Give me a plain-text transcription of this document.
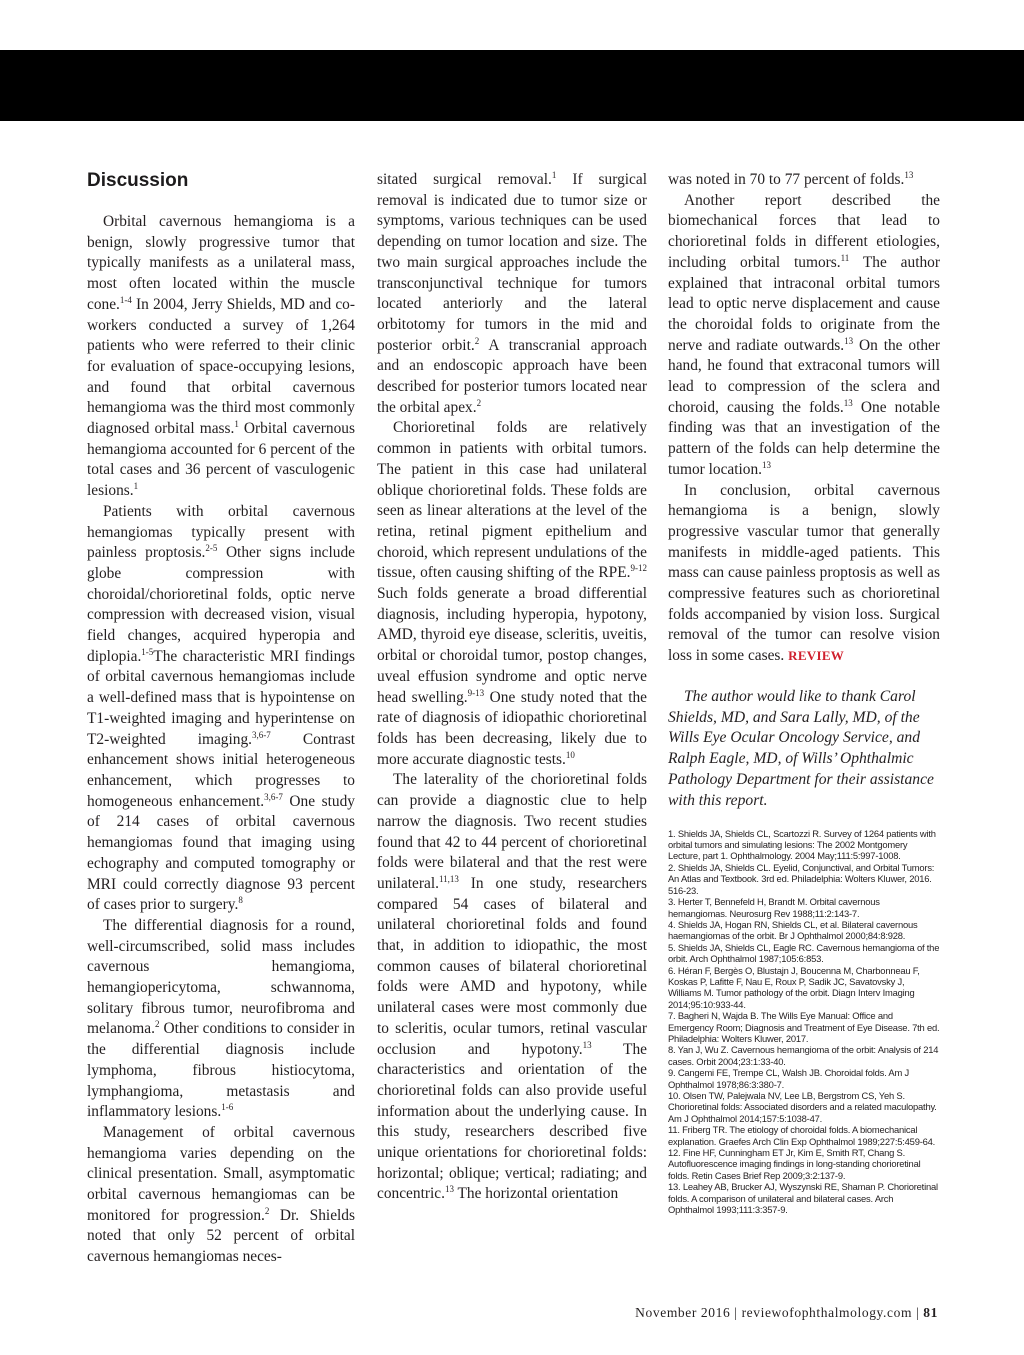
Discussion

Orbital cavernous hemangioma is a benign, slowly progressive tumor that typically manifests as a unilateral mass, most often located within the muscle cone.$^{1-4}$ In 2004, Jerry Shields, MD and co-workers conducted a survey of 1,264 patients who were referred to their clinic for evaluation of space-occupying lesions, and found that orbital cavernous hemangioma was the third most commonly diagnosed orbital mass.$^1$ Orbital cavernous hemangioma accounted for 6 percent of the total cases and 36 percent of vasculogenic lesions.$^1$

Patients with orbital cavernous hemangiomas typically present with painless proptosis.$^{2-5}$ Other signs include globe compression with choroidal/chorioretinal folds, optic nerve compression with decreased vision, visual field changes, acquired hyperopia and diplopia.$^{1-5}$The characteristic MRI findings of orbital cavernous hemangiomas include a well-defined mass that is hypointense on T1-weighted imaging and hyperintense on T2-weighted imaging.$^{3,6-7}$ Contrast enhancement shows initial heterogeneous enhancement, which progresses to homogeneous enhancement.$^{3,6-7}$ One study of 214 cases of orbital cavernous hemangiomas found that imaging using echography and computed tomography or MRI could correctly diagnose 93 percent of cases prior to surgery.$^8$

The differential diagnosis for a round, well-circumscribed, solid mass includes cavernous hemangioma, hemangiopericytoma, schwannoma, solitary fibrous tumor, neurofibroma and melanoma.$^2$ Other conditions to consider in the differential diagnosis include lymphoma, fibrous histiocytoma, lymphangioma, metastasis and inflammatory lesions.$^{1-6}$

Management of orbital cavernous hemangioma varies depending on the clinical presentation. Small, asymptomatic orbital cavernous hemangiomas can be monitored for progression.$^2$ Dr. Shields noted that only 52 percent of orbital cavernous hemangiomas neces-

sitated surgical removal.$^1$ If surgical removal is indicated due to tumor size or symptoms, various techniques can be used depending on tumor location and size. The two main surgical approaches include the transconjunctival technique for tumors located anteriorly and the lateral orbitotomy for tumors in the mid and posterior orbit.$^2$ A transcranial approach and an endoscopic approach have been described for posterior tumors located near the orbital apex.$^2$

Chorioretinal folds are relatively common in patients with orbital tumors. The patient in this case had unilateral oblique chorioretinal folds. These folds are seen as linear alterations at the level of the retina, retinal pigment epithelium and choroid, which represent undulations of the tissue, often causing shifting of the RPE.$^{9-12}$ Such folds generate a broad differential diagnosis, including hyperopia, hypotony, AMD, thyroid eye disease, scleritis, uveitis, orbital or choroidal tumor, postop changes, uveal effusion syndrome and optic nerve head swelling.$^{9-13}$ One study noted that the rate of diagnosis of idiopathic chorioretinal folds has been decreasing, likely due to more accurate diagnostic tests.$^{10}$

The laterality of the chorioretinal folds can provide a diagnostic clue to help narrow the diagnosis. Two recent studies found that 42 to 44 percent of chorioretinal folds were bilateral and that the rest were unilateral.$^{11,13}$ In one study, researchers compared 54 cases of bilateral and unilateral chorioretinal folds and found that, in addition to idiopathic, the most common causes of bilateral chorioretinal folds were AMD and hypotony, while unilateral cases were most commonly due to scleritis, ocular tumors, retinal vascular occlusion and hypotony.$^{13}$ The characteristics and orientation of the chorioretinal folds can also provide useful information about the underlying cause. In this study, researchers described five unique orientations for chorioretinal folds: horizontal; oblique; vertical; radiating; and concentric.$^{13}$ The horizontal orientation

was noted in 70 to 77 percent of folds.$^{13}$

Another report described the biomechanical forces that lead to chorioretinal folds in different etiologies, including orbital tumors.$^{11}$ The author explained that intraconal orbital tumors lead to optic nerve displacement and cause the choroidal folds to originate from the nerve and radiate outwards.$^{13}$ On the other hand, he found that extraconal tumors will lead to compression of the sclera and choroid, causing the folds.$^{13}$ One notable finding was that an investigation of the pattern of the folds can help determine the tumor location.$^{13}$

In conclusion, orbital cavernous hemangioma is a benign, slowly progressive vascular tumor that generally manifests in middle-aged patients. This mass can cause painless proptosis as well as compressive features such as chorioretinal folds accompanied by vision loss. Surgical removal of the tumor can resolve vision loss in some cases. REVIEW

The author would like to thank Carol Shields, MD, and Sara Lally, MD, of the Wills Eye Ocular Oncology Service, and Ralph Eagle, MD, of Wills’ Ophthalmic Pathology Department for their assistance with this report.

1. Shields JA, Shields CL, Scartozzi R. Survey of 1264 patients with orbital tumors and simulating lesions: The 2002 Montgomery Lecture, part 1. Ophthalmology. 2004 May;111:5:997-1008.
2. Shields JA, Shields CL. Eyelid, Conjunctival, and Orbital Tumors: An Atlas and Textbook. 3rd ed. Philadelphia: Wolters Kluwer, 2016. 516-23.
3. Herter T, Bennefeld H, Brandt M. Orbital cavernous hemangiomas. Neurosurg Rev 1988;11:2:143-7.
4. Shields JA, Hogan RN, Shields CL, et al. Bilateral cavernous haemangiomas of the orbit. Br J Ophthalmol 2000;84:8:928.
5. Shields JA, Shields CL, Eagle RC. Cavernous hemangioma of the orbit. Arch Ophthalmol 1987;105:6:853.
6. Héran F, Bergès O, Blustajn J, Boucenna M, Charbonneau F, Koskas P, Lafitte F, Nau E, Roux P, Sadik JC, Savatovsky J, Williams M. Tumor pathology of the orbit. Diagn Interv Imaging 2014;95:10:933-44.
7. Bagheri N, Wajda B. The Wills Eye Manual: Office and Emergency Room; Diagnosis and Treatment of Eye Disease. 7th ed. Philadelphia: Wolters Kluwer, 2017.
8. Yan J, Wu Z. Cavernous hemangioma of the orbit: Analysis of 214 cases. Orbit 2004;23:1:33-40.
9. Cangemi FE, Trempe CL, Walsh JB. Choroidal folds. Am J Ophthalmol 1978;86:3:380-7.
10. Olsen TW, Palejwala NV, Lee LB, Bergstrom CS, Yeh S. Chorioretinal folds: Associated disorders and a related maculopathy. Am J Ophthalmol 2014;157:5:1038-47.
11. Friberg TR. The etiology of choroidal folds. A biomechanical explanation. Graefes Arch Clin Exp Ophthalmol 1989;227:5:459-64.
12. Fine HF, Cunningham ET Jr, Kim E, Smith RT, Chang S. Autofluorescence imaging findings in long-standing chorioretinal folds. Retin Cases Brief Rep 2009;3:2:137-9.
13. Leahey AB, Brucker AJ, Wyszynski RE, Shaman P. Chorioretinal folds. A comparison of unilateral and bilateral cases. Arch Ophthalmol 1993;111:3:357-9.
November 2016 | reviewofophthalmology.com | 81
